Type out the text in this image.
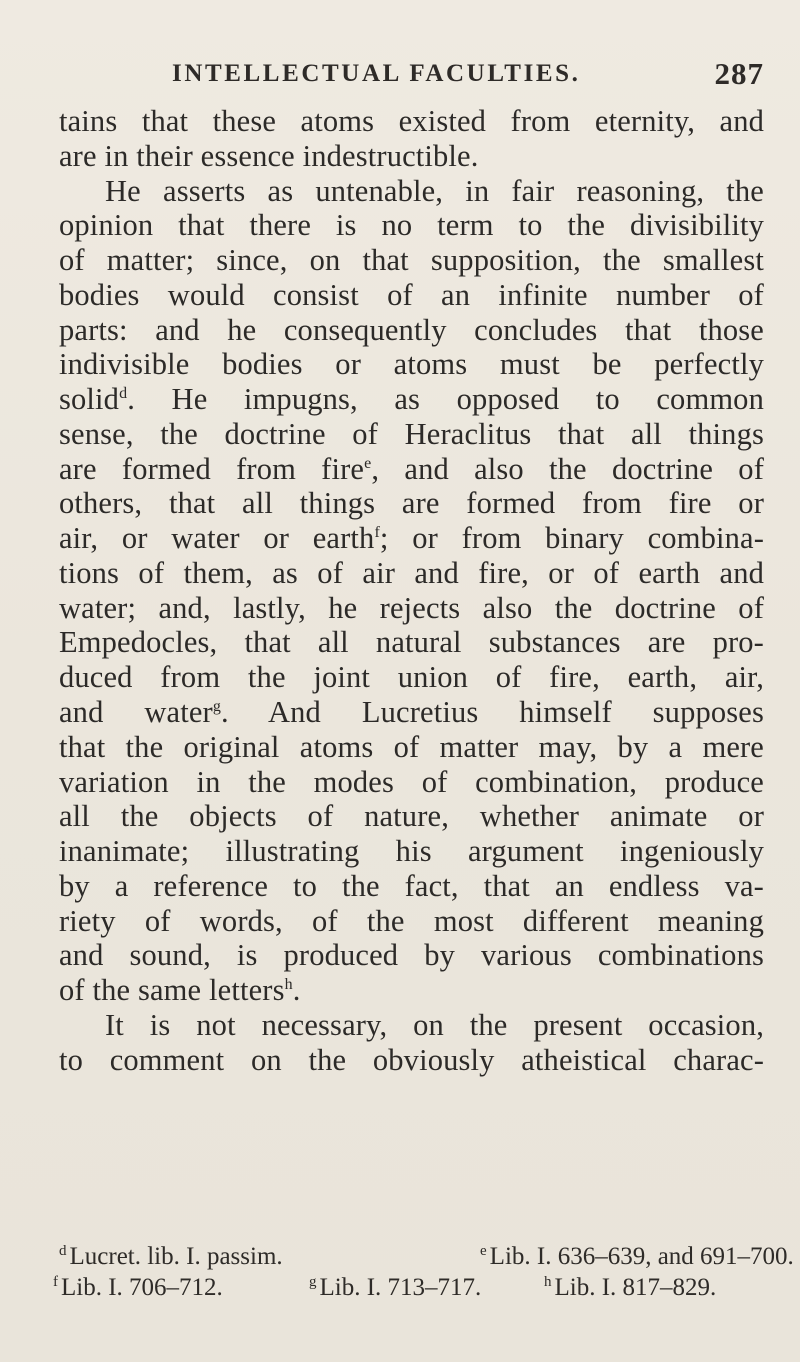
INTELLECTUAL FACULTIES.	287
tains that these atoms existed from eternity, and
are in their essence indestructible.
He asserts as untenable, in fair reasoning, the
opinion that there is no term to the divisibility
of matter; since, on that supposition, the smallest
bodies would consist of an infinite number of
parts: and he consequently concludes that those
indivisible bodies or atoms must be perfectly
solid$^d$. He impugns, as opposed to common
sense, the doctrine of Heraclitus that all things
are formed from fire$^e$, and also the doctrine of
others, that all things are formed from fire or
air, or water or earth$^f$; or from binary combina-
tions of them, as of air and fire, or of earth and
water; and, lastly, he rejects also the doctrine of
Empedocles, that all natural substances are pro-
duced from the joint union of fire, earth, air,
and water$^g$. And Lucretius himself supposes
that the original atoms of matter may, by a mere
variation in the modes of combination, produce
all the objects of nature, whether animate or
inanimate; illustrating his argument ingeniously
by a reference to the fact, that an endless va-
riety of words, of the most different meaning
and sound, is produced by various combinations
of the same letters$^h$.
It is not necessary, on the present occasion,
to comment on the obviously atheistical charac-
$^d$ Lucret. lib. I. passim.	$^e$ Lib. I. 636–639, and 691–700.
$^f$ Lib. I. 706–712.	$^g$ Lib. I. 713–717.	$^h$ Lib. I. 817–829.
